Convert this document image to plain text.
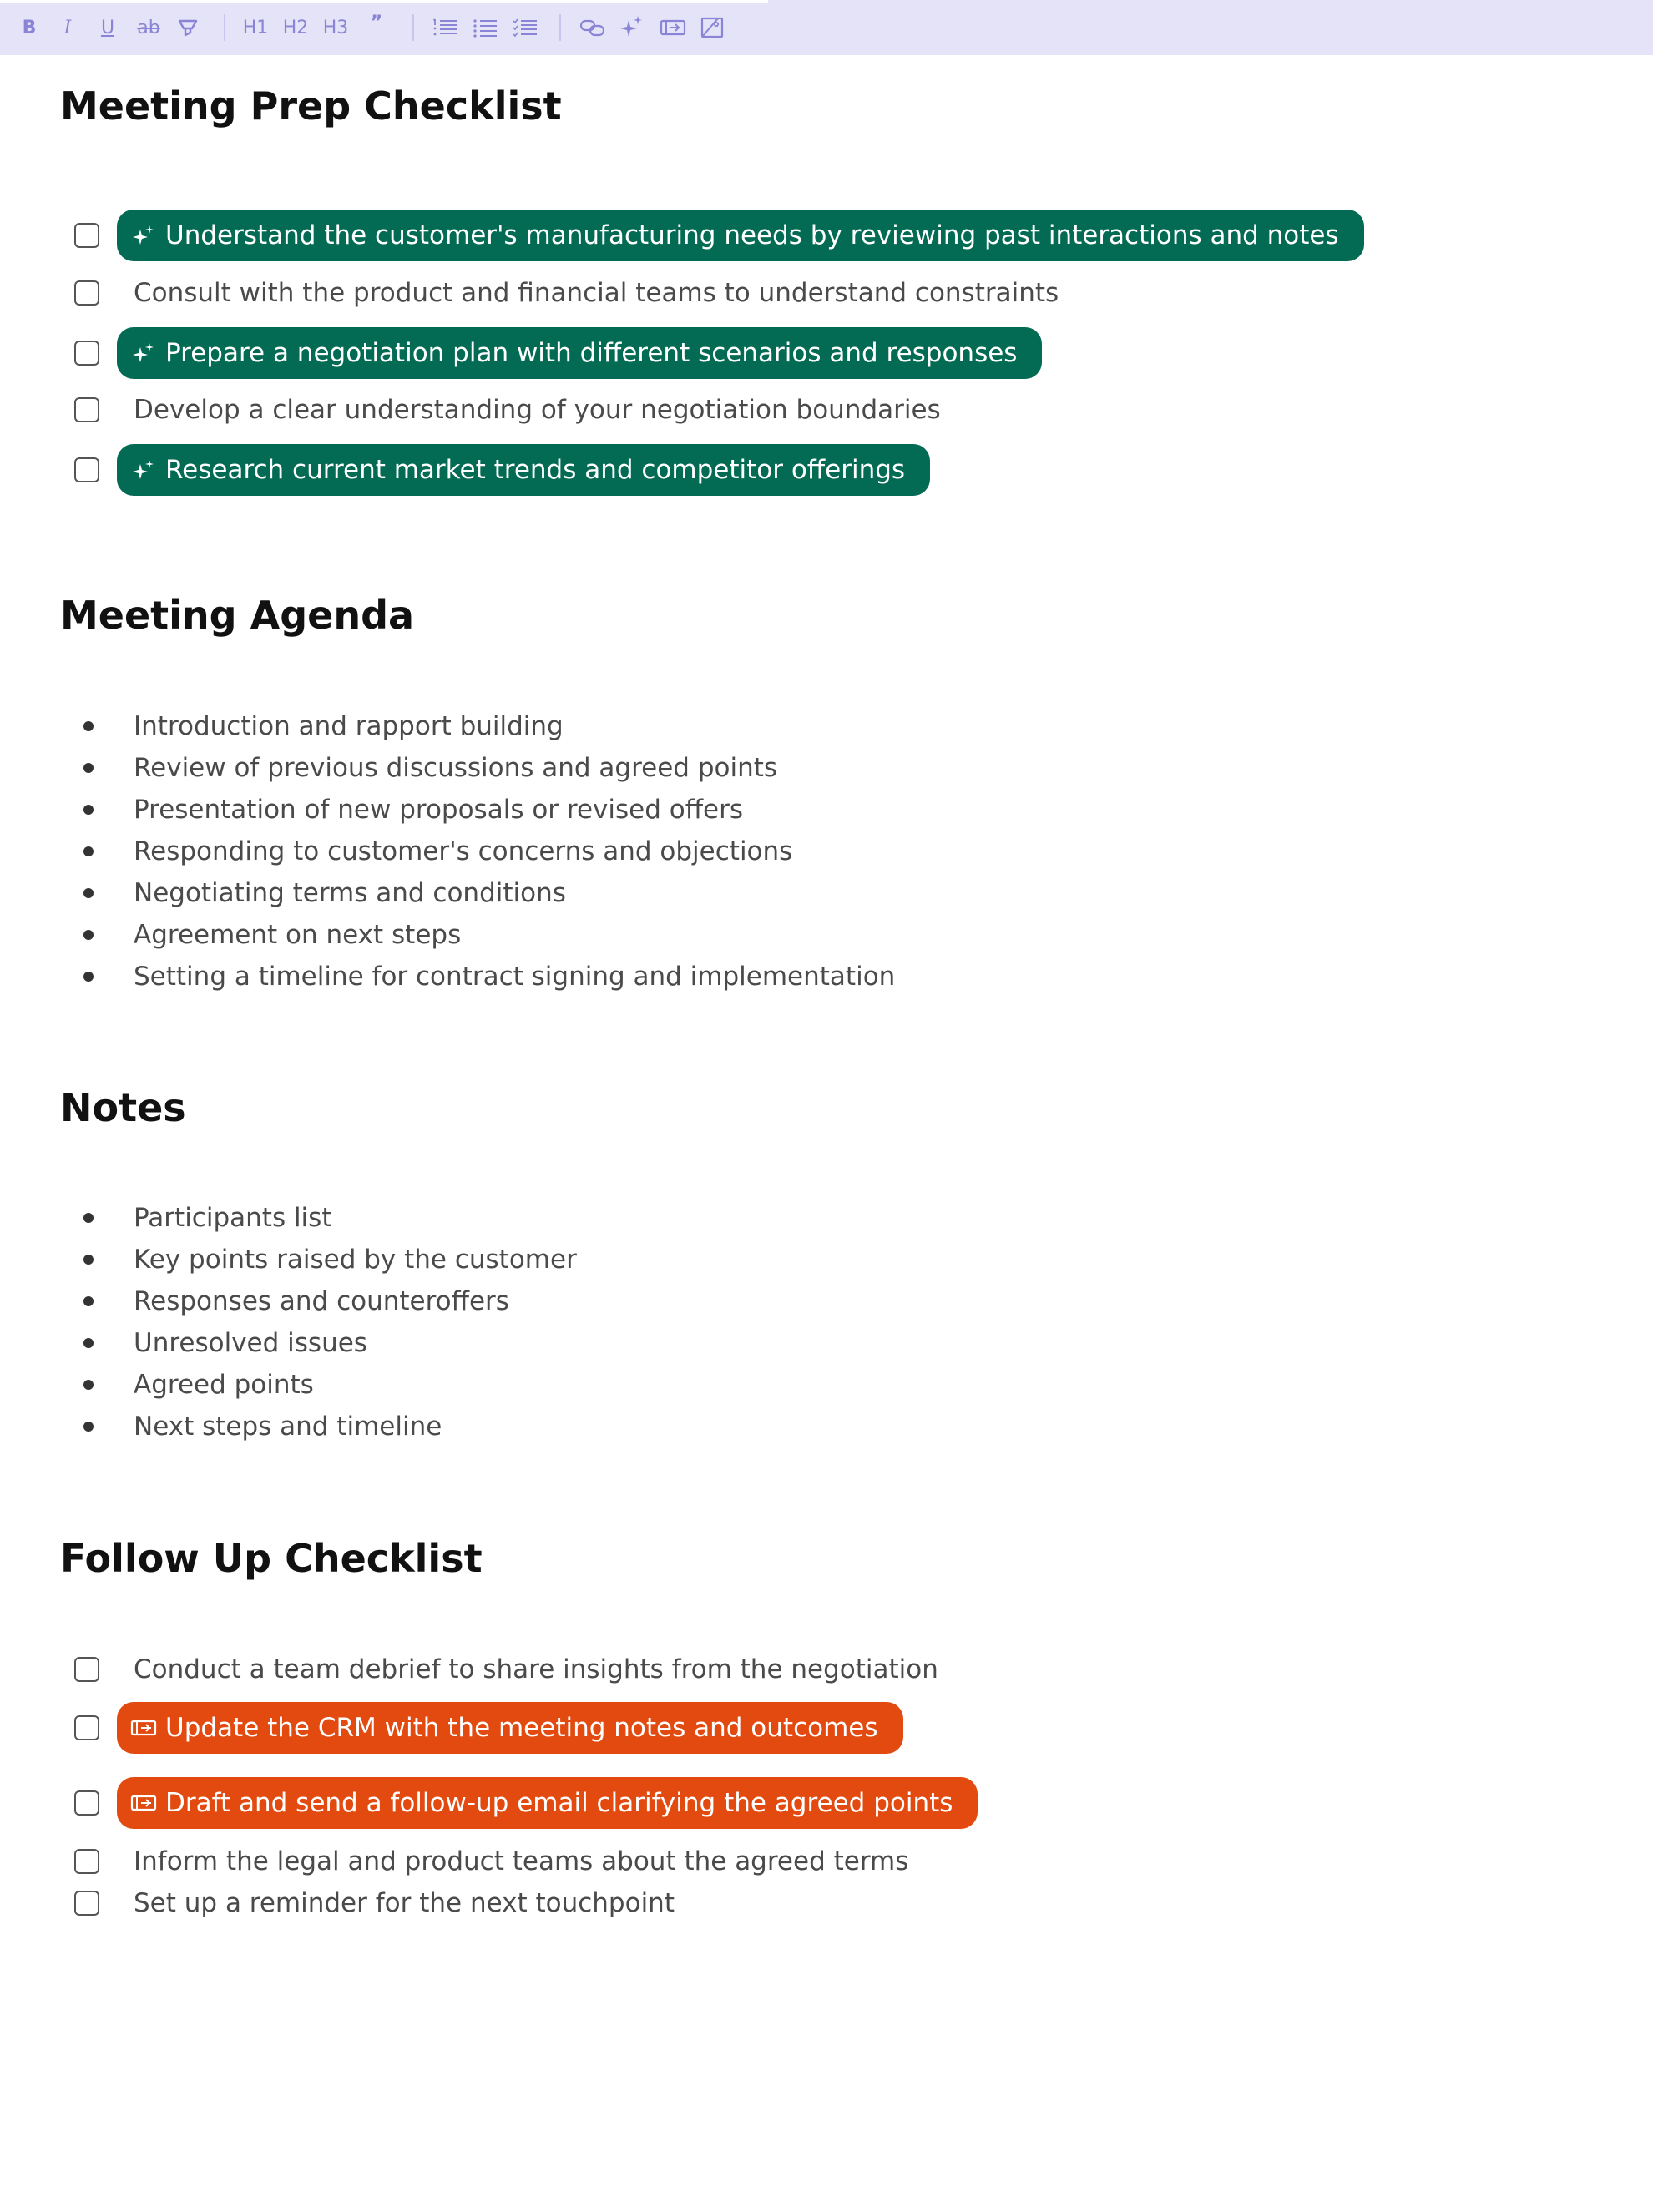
B	I	U	ab	H1 H2 H3	”
Meeting Prep Checklist
Understand the customer's manufacturing needs by reviewing past interactions and notes
Consult with the product and financial teams to understand constraints
Prepare a negotiation plan with different scenarios and responses
Develop a clear understanding of your negotiation boundaries
Research current market trends and competitor offerings
Meeting Agenda
Introduction and rapport building
Review of previous discussions and agreed points
Presentation of new proposals or revised offers
Responding to customer's concerns and objections
Negotiating terms and conditions
Agreement on next steps
Setting a timeline for contract signing and implementation
Notes
Participants list
Key points raised by the customer
Responses and counteroffers
Unresolved issues
Agreed points
Next steps and timeline
Follow Up Checklist
Conduct a team debrief to share insights from the negotiation
Update the CRM with the meeting notes and outcomes
Draft and send a follow-up email clarifying the agreed points
Inform the legal and product teams about the agreed terms
Set up a reminder for the next touchpoint
